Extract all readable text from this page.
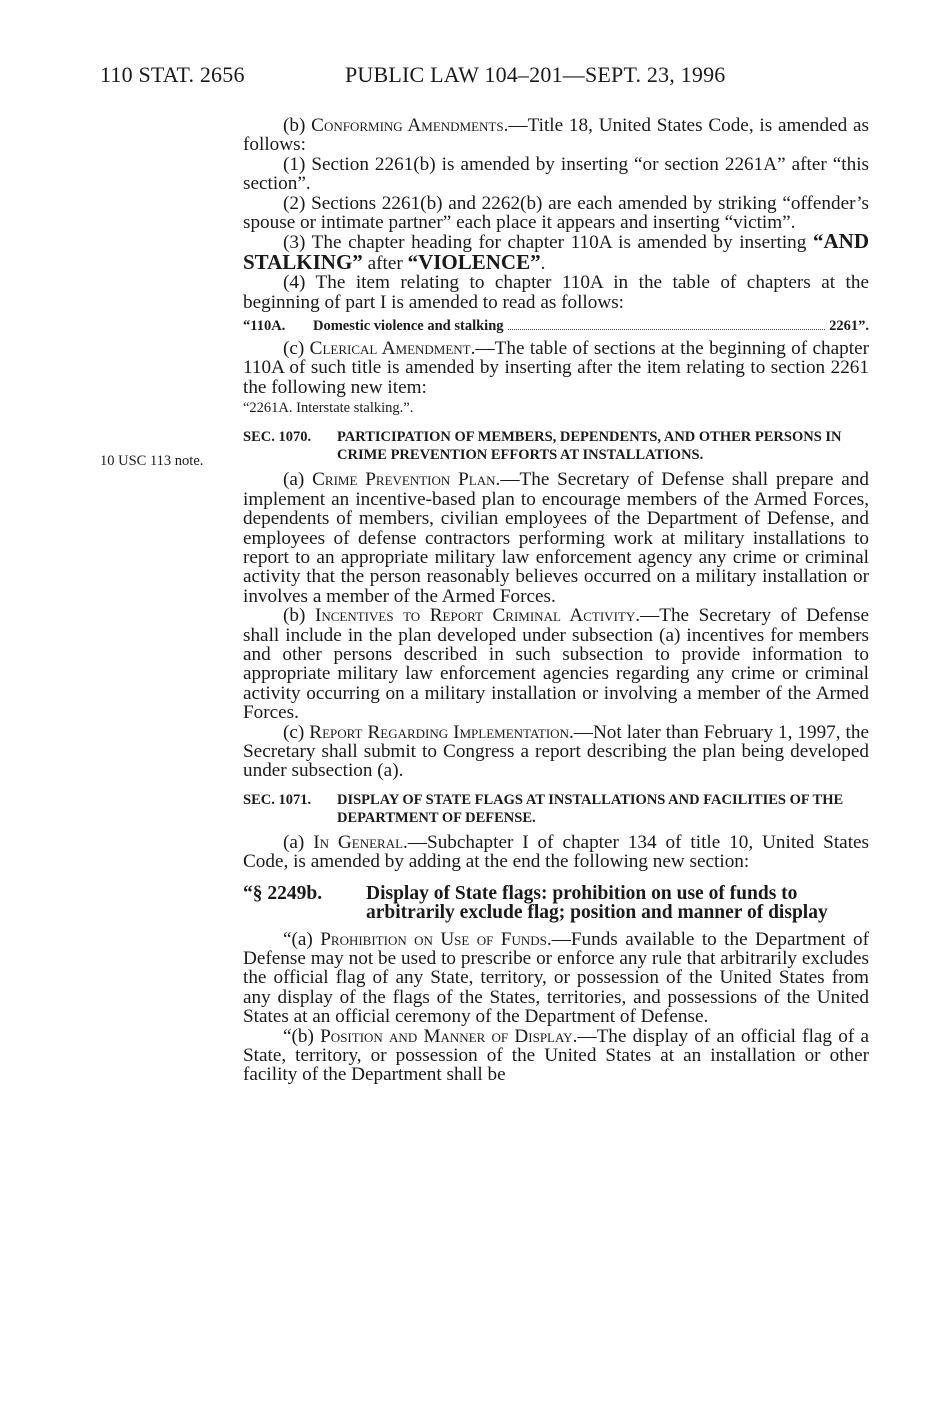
110 STAT. 2656	PUBLIC LAW 104–201—SEPT. 23, 1996
10 USC 113 note.

(b) Conforming Amendments.—Title 18, United States Code, is amended as follows:

(1) Section 2261(b) is amended by inserting “or section 2261A” after “this section”.

(2) Sections 2261(b) and 2262(b) are each amended by striking “offender’s spouse or intimate partner” each place it appears and inserting “victim”.

(3) The chapter heading for chapter 110A is amended by inserting “AND STALKING” after “VIOLENCE”.

(4) The item relating to chapter 110A in the table of chapters at the beginning of part I is amended to read as follows:

“110A.	Domestic violence and stalking	2261”.

(c) Clerical Amendment.—The table of sections at the beginning of chapter 110A of such title is amended by inserting after the item relating to section 2261 the following new item:

“2261A. Interstate stalking.”.
SEC. 1070.	PARTICIPATION OF MEMBERS, DEPENDENTS, AND OTHER PERSONS IN CRIME PREVENTION EFFORTS AT INSTALLATIONS.

(a) Crime Prevention Plan.—The Secretary of Defense shall prepare and implement an incentive-based plan to encourage members of the Armed Forces, dependents of members, civilian employees of the Department of Defense, and employees of defense contractors performing work at military installations to report to an appropriate military law enforcement agency any crime or criminal activity that the person reasonably believes occurred on a military installation or involves a member of the Armed Forces.

(b) Incentives to Report Criminal Activity.—The Secretary of Defense shall include in the plan developed under subsection (a) incentives for members and other persons described in such subsection to provide information to appropriate military law enforcement agencies regarding any crime or criminal activity occurring on a military installation or involving a member of the Armed Forces.

(c) Report Regarding Implementation.—Not later than February 1, 1997, the Secretary shall submit to Congress a report describing the plan being developed under subsection (a).

SEC. 1071.	DISPLAY OF STATE FLAGS AT INSTALLATIONS AND FACILITIES OF THE DEPARTMENT OF DEFENSE.

(a) In General.—Subchapter I of chapter 134 of title 10, United States Code, is amended by adding at the end the following new section:

“§ 2249b.	Display of State flags: prohibition on use of funds to arbitrarily exclude flag; position and manner of display

“(a) Prohibition on Use of Funds.—Funds available to the Department of Defense may not be used to prescribe or enforce any rule that arbitrarily excludes the official flag of any State, territory, or possession of the United States from any display of the flags of the States, territories, and possessions of the United States at an official ceremony of the Department of Defense.

“(b) Position and Manner of Display.—The display of an official flag of a State, territory, or possession of the United States at an installation or other facility of the Department shall be
